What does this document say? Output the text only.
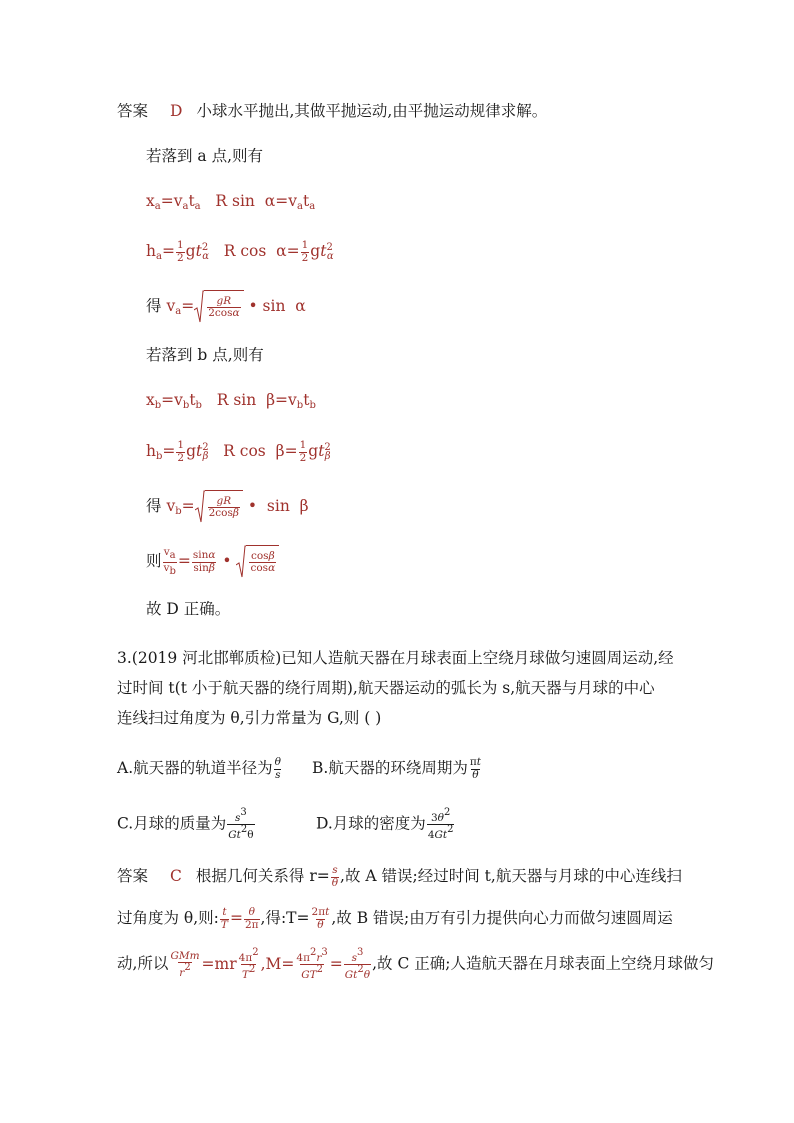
答案 D 小球水平抛出,其做平抛运动,由平抛运动规律求解。
若落到 a 点,则有
$x_a=v_at_a$   R $\sin \alpha=v_at_a$
$h_a= \frac{1}{2} gt^2_\alpha$   R $\cos \alpha= \frac{1}{2} gt^2_\alpha$
得 $v_a= \frac{gR}{2\cos\alpha}$ • sin  α
若落到 b 点,则有
$x_b=v_bt_b$   R $\sin \beta=v_bt_b$
$h_b= \frac{1}{2} gt^2_\beta$   R $\cos \beta= \frac{1}{2} gt^2_\beta$
得 $v_b= \frac{gR}{2\cos\beta}$ •  sin  β
则 $\frac{va}{vb} = \frac{\sin\alpha}{\sin\beta}$ • $\frac{\cos\beta}{\cos\alpha}$
故 D 正确。
3.(2019 河北邯郸质检)已知人造航天器在月球表面上空绕月球做匀速圆周运动,经
过时间 t(t 小于航天器的绕行周期),航天器运动的弧长为 s,航天器与月球的中心
连线扫过角度为 θ,引力常量为 G,则 ( )
A.航天器的轨道半径为 $\frac{\theta}{s} B$.航天器的环绕周期为 $\frac{\pi t}{\theta}$
C.月球的质量为 $\frac{s3}{Gt2\theta}$	D.月球的密度为 $\frac{3\theta 2}{4Gt2}$
答案 C 根据几何关系得 $r= \frac{s}{\theta}$ ,故 A 错误;经过时间 t,航天器与月球的中心连线扫
过角度为 θ,则: $\frac{t}{T} = \frac{\theta}{2\pi}$ ,得:T= $\frac{2\pi t}{\theta}$ ,故 B 错误;由万有引力提供向心力而做匀速圆周运
动,所以 $\frac{\text{GMm}}{r2} =mr \frac{4\pi 2}{T2} ,M= \frac{4\pi 2r3}{GT2} = \frac{s3}{Gt2\theta}$ ,故 C 正确;人造航天器在月球表面上空绕月球做匀
